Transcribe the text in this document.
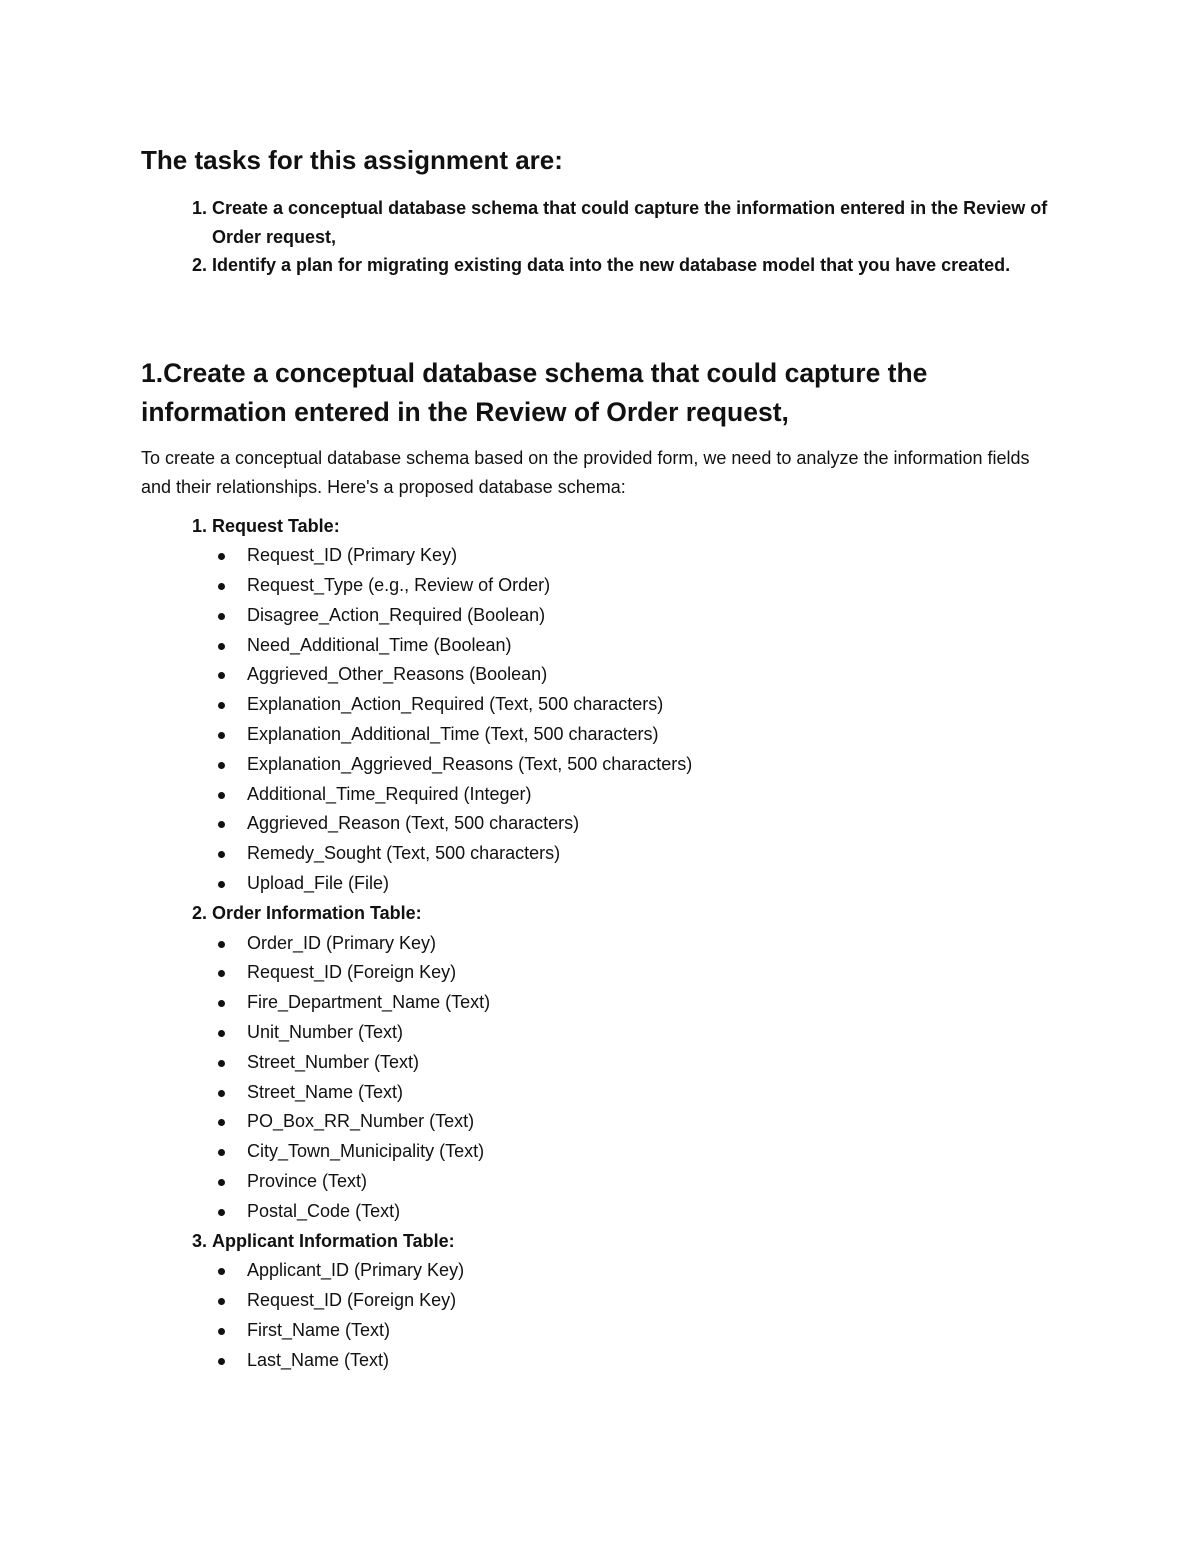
The tasks for this assignment are:
1. Create a conceptual database schema that could capture the information entered in the Review of Order request,
2. Identify a plan for migrating existing data into the new database model that you have created.
1.Create a conceptual database schema that could capture the information entered in the Review of Order request,

To create a conceptual database schema based on the provided form, we need to analyze the information fields and their relationships. Here's a proposed database schema:

1. Request Table:
Request_ID (Primary Key)
Request_Type (e.g., Review of Order)
Disagree_Action_Required (Boolean)
Need_Additional_Time (Boolean)
Aggrieved_Other_Reasons (Boolean)
Explanation_Action_Required (Text, 500 characters)
Explanation_Additional_Time (Text, 500 characters)
Explanation_Aggrieved_Reasons (Text, 500 characters)
Additional_Time_Required (Integer)
Aggrieved_Reason (Text, 500 characters)
Remedy_Sought (Text, 500 characters)
Upload_File (File)
2. Order Information Table:
Order_ID (Primary Key)
Request_ID (Foreign Key)
Fire_Department_Name (Text)
Unit_Number (Text)
Street_Number (Text)
Street_Name (Text)
PO_Box_RR_Number (Text)
City_Town_Municipality (Text)
Province (Text)
Postal_Code (Text)
3. Applicant Information Table:
Applicant_ID (Primary Key)
Request_ID (Foreign Key)
First_Name (Text)
Last_Name (Text)
